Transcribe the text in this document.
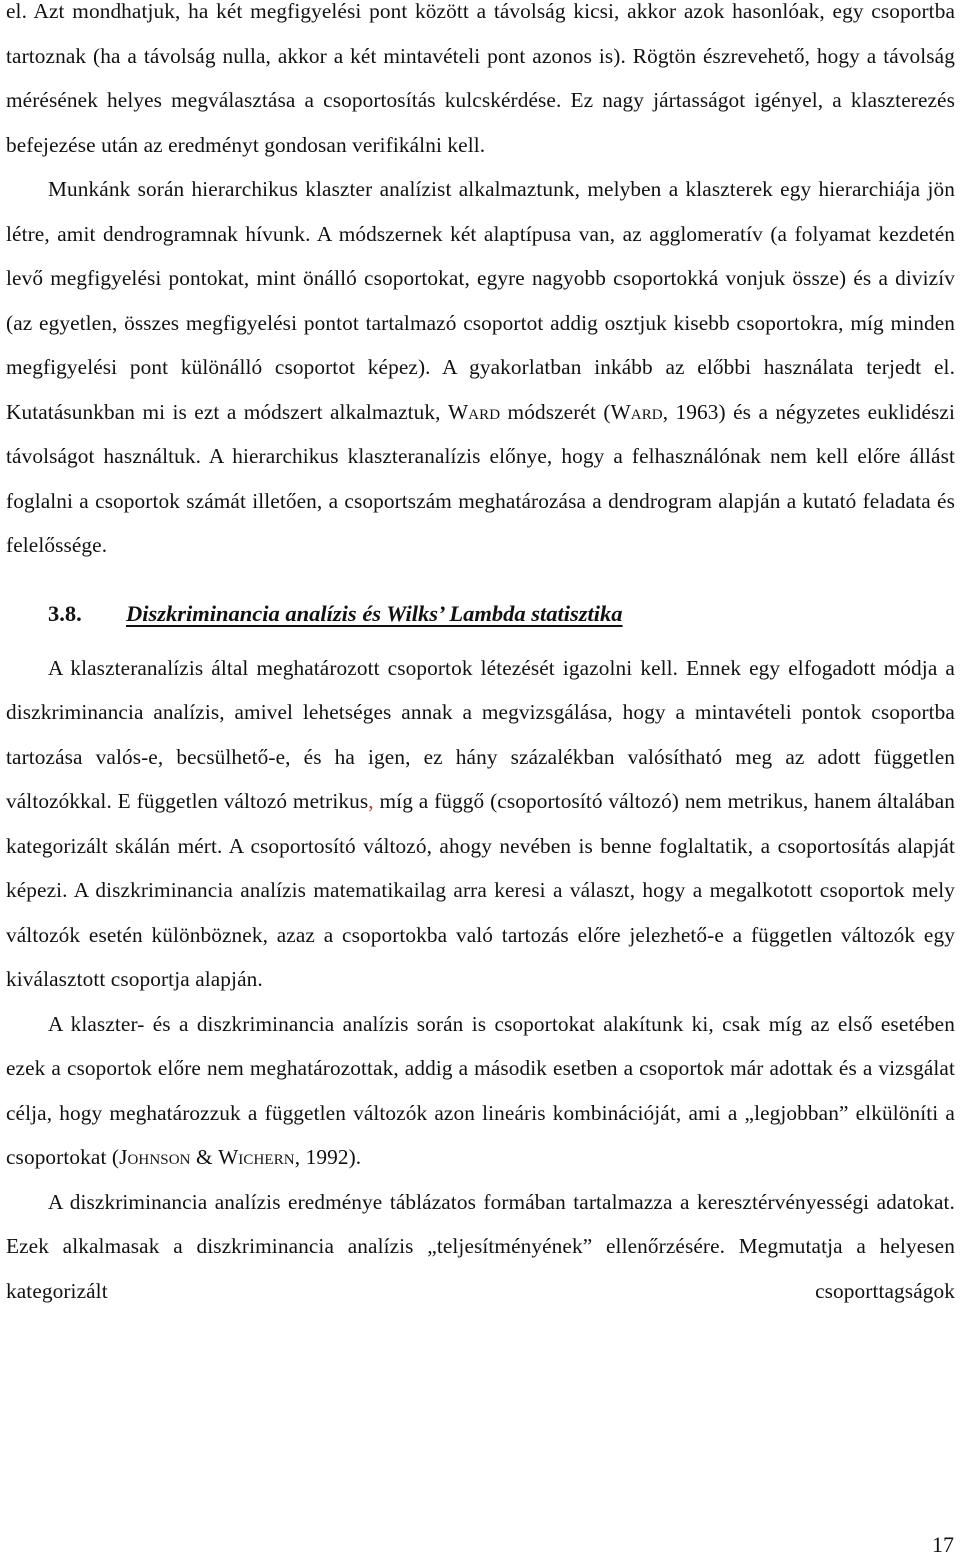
el. Azt mondhatjuk, ha két megfigyelési pont között a távolság kicsi, akkor azok hasonlóak, egy csoportba tartoznak (ha a távolság nulla, akkor a két mintavételi pont azonos is). Rögtön észrevehető, hogy a távolság mérésének helyes megválasztása a csoportosítás kulcskérdése. Ez nagy jártasságot igényel, a klaszterezés befejezése után az eredményt gondosan verifikálni kell.

Munkánk során hierarchikus klaszter analízist alkalmaztunk, melyben a klaszterek egy hierarchiája jön létre, amit dendrogramnak hívunk. A módszernek két alaptípusa van, az agglomeratív (a folyamat kezdetén levő megfigyelési pontokat, mint önálló csoportokat, egyre nagyobb csoportokká vonjuk össze) és a divizív (az egyetlen, összes megfigyelési pontot tartalmazó csoportot addig osztjuk kisebb csoportokra, míg minden megfigyelési pont különálló csoportot képez). A gyakorlatban inkább az előbbi használata terjedt el. Kutatásunkban mi is ezt a módszert alkalmaztuk, Ward módszerét (Ward, 1963) és a négyzetes euklidészi távolságot használtuk. A hierarchikus klaszteranalízis előnye, hogy a felhasználónak nem kell előre állást foglalni a csoportok számát illetően, a csoportszám meghatározása a dendrogram alapján a kutató feladata és felelőssége.

3.8.	Diszkriminancia analízis és Wilks’ Lambda statisztika

A klaszteranalízis által meghatározott csoportok létezését igazolni kell. Ennek egy elfogadott módja a diszkriminancia analízis, amivel lehetséges annak a megvizsgálása, hogy a mintavételi pontok csoportba tartozása valós-e, becsülhető-e, és ha igen, ez hány százalékban valósítható meg az adott független változókkal. E független változó metrikus, míg a függő (csoportosító változó) nem metrikus, hanem általában kategorizált skálán mért. A csoportosító változó, ahogy nevében is benne foglaltatik, a csoportosítás alapját képezi. A diszkriminancia analízis matematikailag arra keresi a választ, hogy a megalkotott csoportok mely változók esetén különböznek, azaz a csoportokba való tartozás előre jelezhető-e a független változók egy kiválasztott csoportja alapján.

A klaszter- és a diszkriminancia analízis során is csoportokat alakítunk ki, csak míg az első esetében ezek a csoportok előre nem meghatározottak, addig a második esetben a csoportok már adottak és a vizsgálat célja, hogy meghatározzuk a független változók azon lineáris kombinációját, ami a „legjobban” elkülöníti a csoportokat (Johnson & Wichern, 1992).

A diszkriminancia analízis eredménye táblázatos formában tartalmazza a keresztérvényességi adatokat. Ezek alkalmasak a diszkriminancia analízis „teljesítményének” ellenőrzésére. Megmutatja a helyesen kategorizált csoporttagságok

17
